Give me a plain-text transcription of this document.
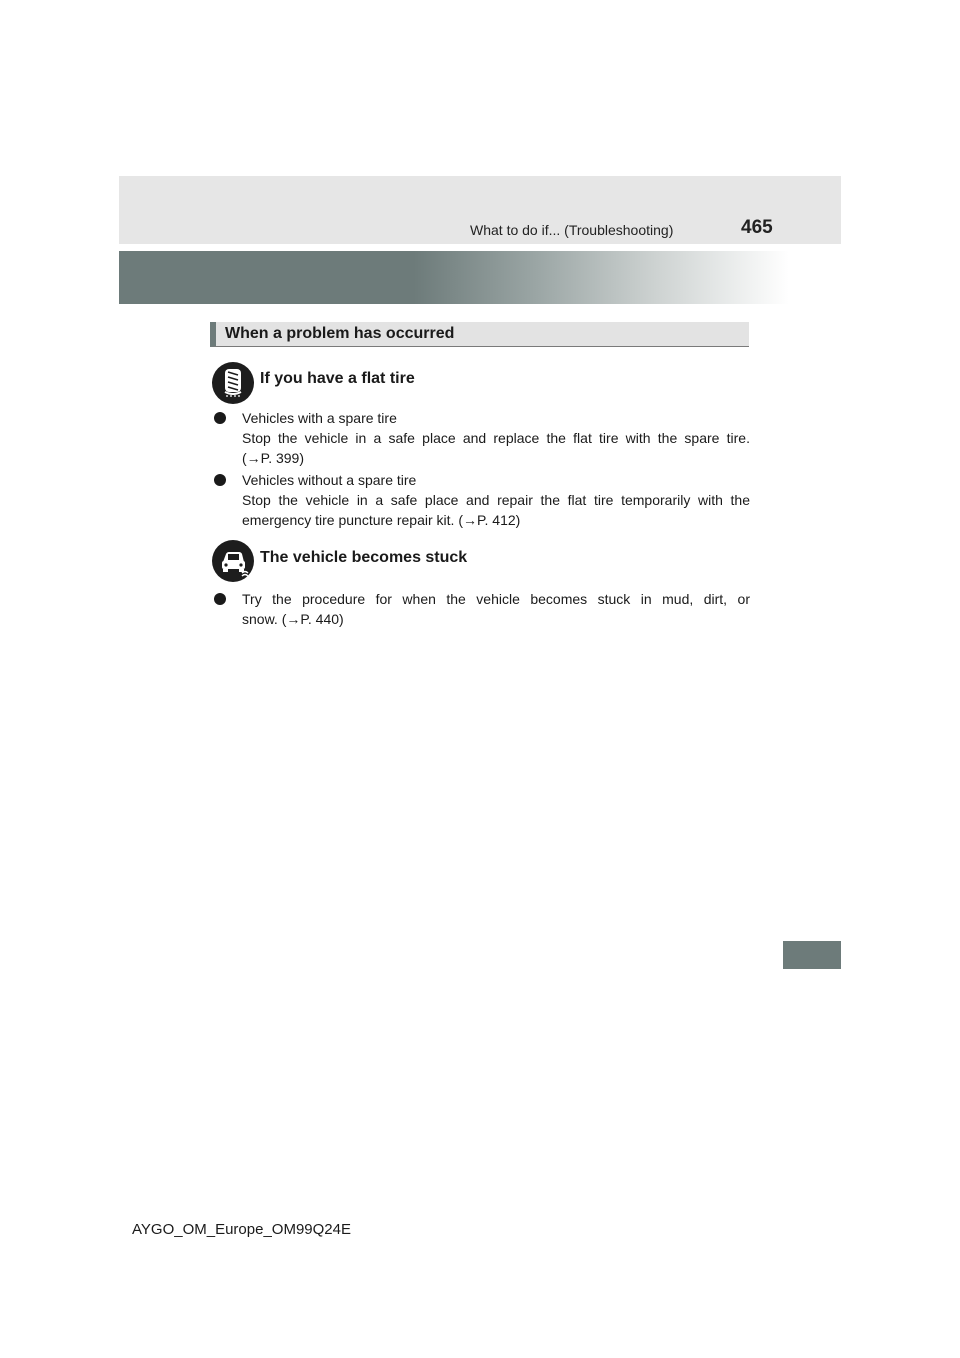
What to do if... (Troubleshooting)	465
When a problem has occurred
If you have a flat tire
Vehicles with a spare tire
Stop the vehicle in a safe place and replace the flat tire with the spare tire.
(→P. 399)
Vehicles without a spare tire
Stop the vehicle in a safe place and repair the flat tire temporarily with the
emergency tire puncture repair kit. (→P. 412)
The vehicle becomes stuck
Try the procedure for when the vehicle becomes stuck in mud, dirt, or
snow. (→P. 440)
AYGO_OM_Europe_OM99Q24E
